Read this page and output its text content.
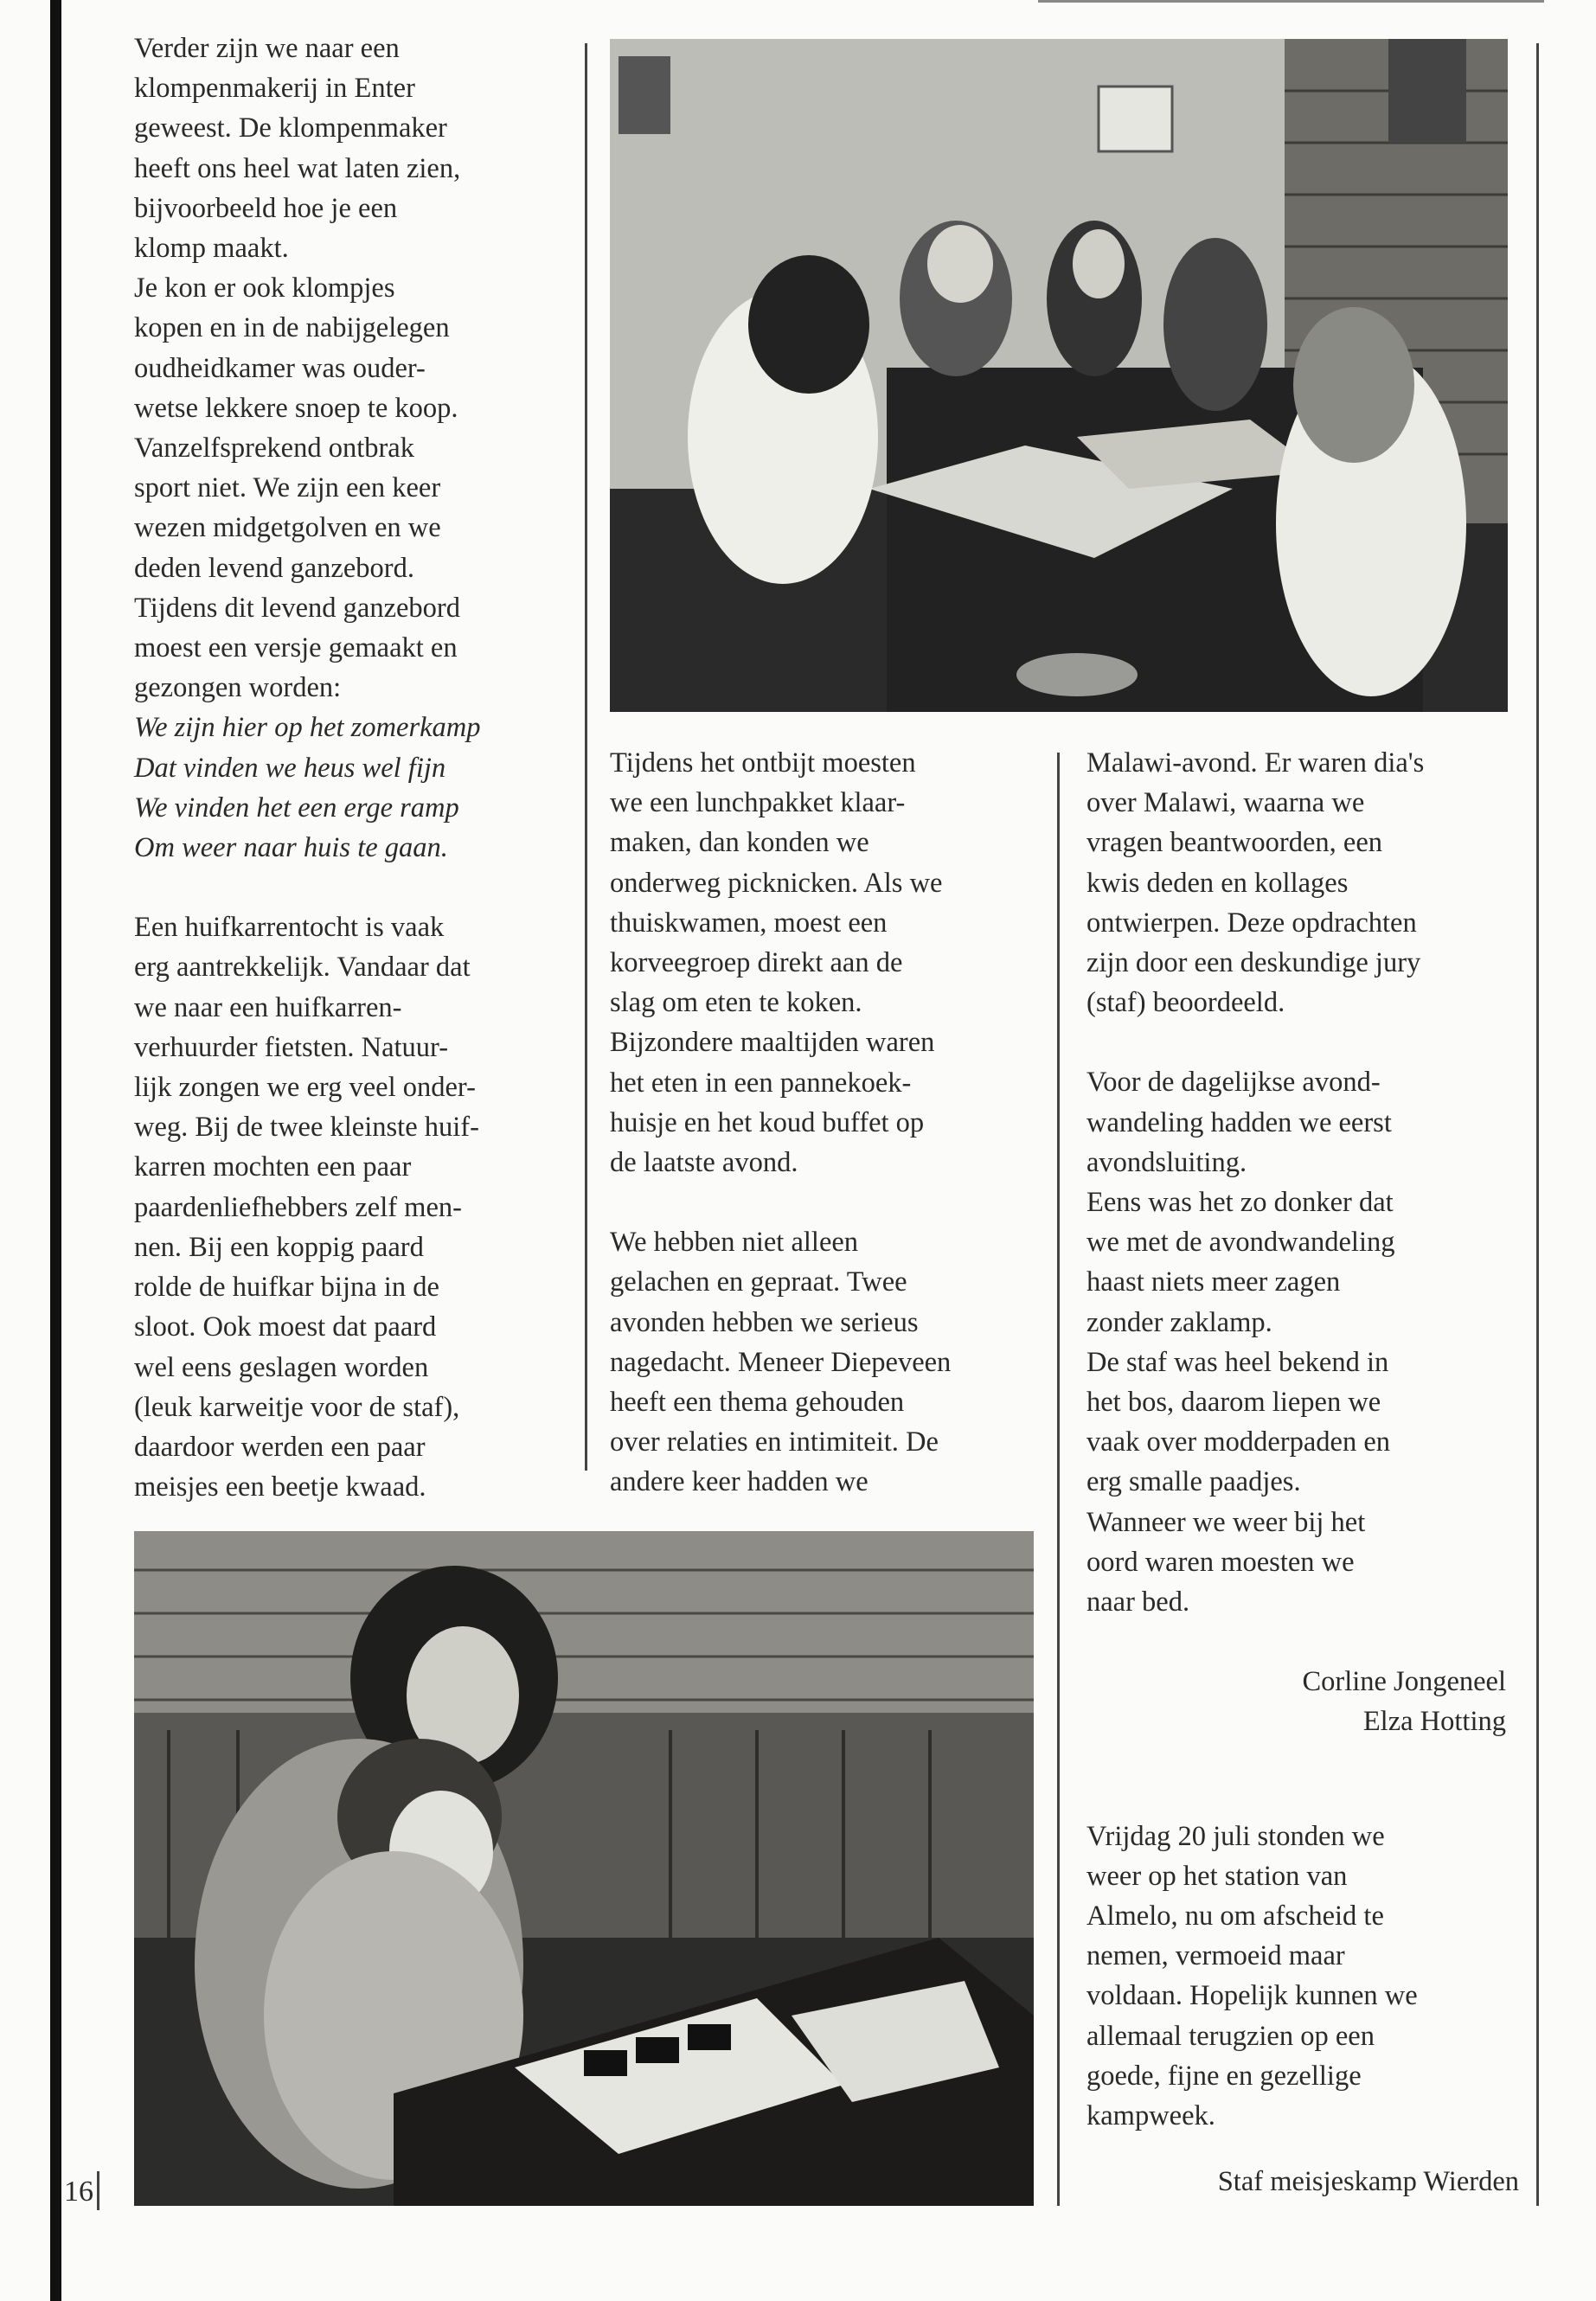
Verder zijn we naar een

klompenmakerij in Enter

geweest. De klompenmaker

heeft ons heel wat laten zien,

bijvoorbeeld hoe je een

klomp maakt.

Je kon er ook klompjes

kopen en in de nabijgelegen

oudheidkamer was ouder-

wetse lekkere snoep te koop.

Vanzelfsprekend ontbrak

sport niet. We zijn een keer

wezen midgetgolven en we

deden levend ganzebord.

Tijdens dit levend ganzebord

moest een versje gemaakt en

gezongen worden:

We zijn hier op het zomerkamp

Dat vinden we heus wel fijn

We vinden het een erge ramp

Om weer naar huis te gaan.

Een huifkarrentocht is vaak

erg aantrekkelijk. Vandaar dat

we naar een huifkarren-

verhuurder fietsten. Natuur-

lijk zongen we erg veel onder-

weg. Bij de twee kleinste huif-

karren mochten een paar

paardenliefhebbers zelf men-

nen. Bij een koppig paard

rolde de huifkar bijna in de

sloot. Ook moest dat paard

wel eens geslagen worden

(leuk karweitje voor de staf),

daardoor werden een paar

meisjes een beetje kwaad.

Tijdens het ontbijt moesten

we een lunchpakket klaar-

maken, dan konden we

onderweg picknicken. Als we

thuiskwamen, moest een

korveegroep direkt aan de

slag om eten te koken.

Bijzondere maaltijden waren

het eten in een pannekoek-

huisje en het koud buffet op

de laatste avond.

We hebben niet alleen

gelachen en gepraat. Twee

avonden hebben we serieus

nagedacht. Meneer Diepeveen

heeft een thema gehouden

over relaties en intimiteit. De

andere keer hadden we

Malawi-avond. Er waren dia's

over Malawi, waarna we

vragen beantwoorden, een

kwis deden en kollages

ontwierpen. Deze opdrachten

zijn door een deskundige jury

(staf) beoordeeld.

Voor de dagelijkse avond-

wandeling hadden we eerst

avondsluiting.

Eens was het zo donker dat

we met de avondwandeling

haast niets meer zagen

zonder zaklamp.

De staf was heel bekend in

het bos, daarom liepen we

vaak over modderpaden en

erg smalle paadjes.

Wanneer we weer bij het

oord waren moesten we

naar bed.

Corline Jongeneel

Elza Hotting

Vrijdag 20 juli stonden we

weer op het station van

Almelo, nu om afscheid te

nemen, vermoeid maar

voldaan. Hopelijk kunnen we

allemaal terugzien op een

goede, fijne en gezellige

kampweek.

Staf meisjeskamp Wierden

16
